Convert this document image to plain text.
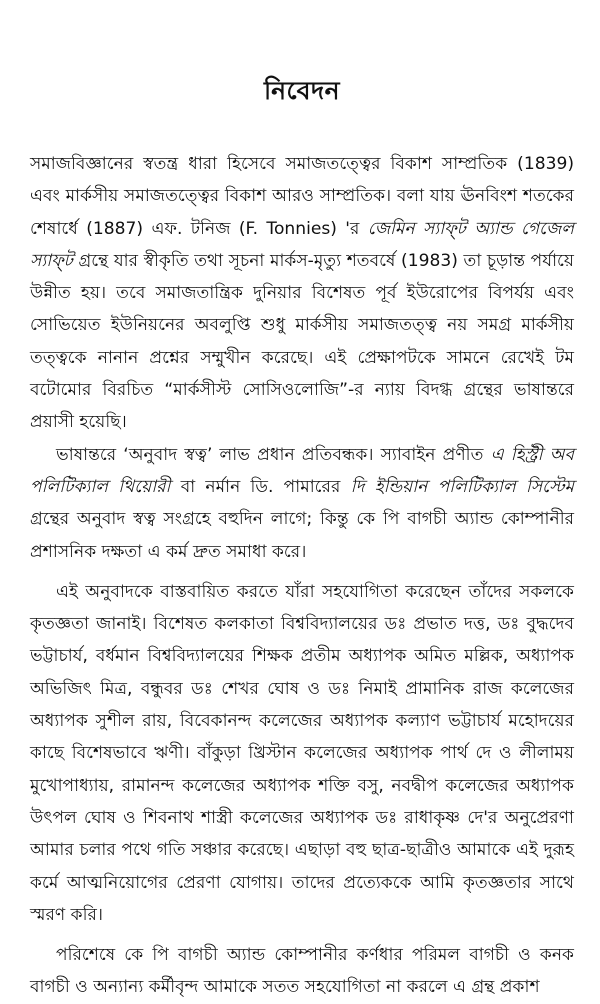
নিবেদন

সমাজবিজ্ঞানের স্বতন্ত্র ধারা হিসেবে সমাজতত্ত্বের বিকাশ সাম্প্রতিক (1839) এবং মার্কসীয় সমাজতত্ত্বের বিকাশ আরও সাম্প্রতিক। বলা যায় ঊনবিংশ শতকের শেষার্ধে (1887) এফ. টনিজ (F. Tonnies) 'র জেমিন স্যাফ্‌ট অ্যান্ড গেজেল স্যাফ্‌ট গ্রন্থে যার স্বীকৃতি তথা সূচনা মার্কস-মৃত্যু শতবর্ষে (1983) তা চূড়ান্ত পর্যায়ে উন্নীত হয়। তবে সমাজতান্ত্রিক দুনিয়ার বিশেষত পূর্ব ইউরোপের বিপর্যয় এবং সোভিয়েত ইউনিয়নের অবলুপ্তি শুধু মার্কসীয় সমাজতত্ত্ব নয় সমগ্র মার্কসীয় তত্ত্বকে নানান প্রশ্নের সম্মুখীন করেছে। এই প্রেক্ষাপটকে সামনে রেখেই টম বটোমোর বিরচিত “মার্কসীস্ট সোসিওলোজি”-র ন্যায় বিদগ্ধ গ্রন্থের ভাষান্তরে প্রয়াসী হয়েছি।

ভাষান্তরে ‘অনুবাদ স্বত্ব’ লাভ প্রধান প্রতিবন্ধক। স্যাবাইন প্রণীত এ হিস্ট্রী অব পলিটিক্যাল থিয়োরী বা নর্মান ডি. পামারের দি ইন্ডিয়ান পলিটিক্যাল সিস্টেম গ্রন্থের অনুবাদ স্বত্ব সংগ্রহে বহুদিন লাগে; কিন্তু কে পি বাগচী অ্যান্ড কোম্পানীর প্রশাসনিক দক্ষতা এ কর্ম দ্রুত সমাধা করে।

এই অনুবাদকে বাস্তবায়িত করতে যাঁরা সহযোগিতা করেছেন তাঁদের সকলকে কৃতজ্ঞতা জানাই। বিশেষত কলকাতা বিশ্ববিদ্যালয়ের ডঃ প্রভাত দত্ত, ডঃ বুদ্ধদেব ভট্টাচার্য, বর্ধমান বিশ্ববিদ্যালয়ের শিক্ষক প্রতীম অধ্যাপক অমিত মল্লিক, অধ্যাপক অভিজিৎ মিত্র, বন্ধুবর ডঃ শেখর ঘোষ ও ডঃ নিমাই প্রামানিক রাজ কলেজের অধ্যাপক সুশীল রায়, বিবেকানন্দ কলেজের অধ্যাপক কল্যাণ ভট্টাচার্য মহোদয়ের কাছে বিশেষভাবে ঋণী। বাঁকুড়া খ্রিস্টান কলেজের অধ্যাপক পার্থ দে ও লীলাময় মুখোপাধ্যায়, রামানন্দ কলেজের অধ্যাপক শক্তি বসু, নবদ্বীপ কলেজের অধ্যাপক উৎপল ঘোষ ও শিবনাথ শাস্ত্রী কলেজের অধ্যাপক ডঃ রাধাকৃষ্ণ দে'র অনুপ্রেরণা আমার চলার পথে গতি সঞ্চার করেছে। এছাড়া বহু ছাত্র-ছাত্রীও আমাকে এই দুরূহ কর্মে আত্মনিয়োগের প্রেরণা যোগায়। তাদের প্রত্যেককে আমি কৃতজ্ঞতার সাথে স্মরণ করি।

পরিশেষে কে পি বাগচী অ্যান্ড কোম্পানীর কর্ণধার পরিমল বাগচী ও কনক বাগচী ও অন্যান্য কর্মীবৃন্দ আমাকে সতত সহযোগিতা না করলে এ গ্রন্থ প্রকাশ
